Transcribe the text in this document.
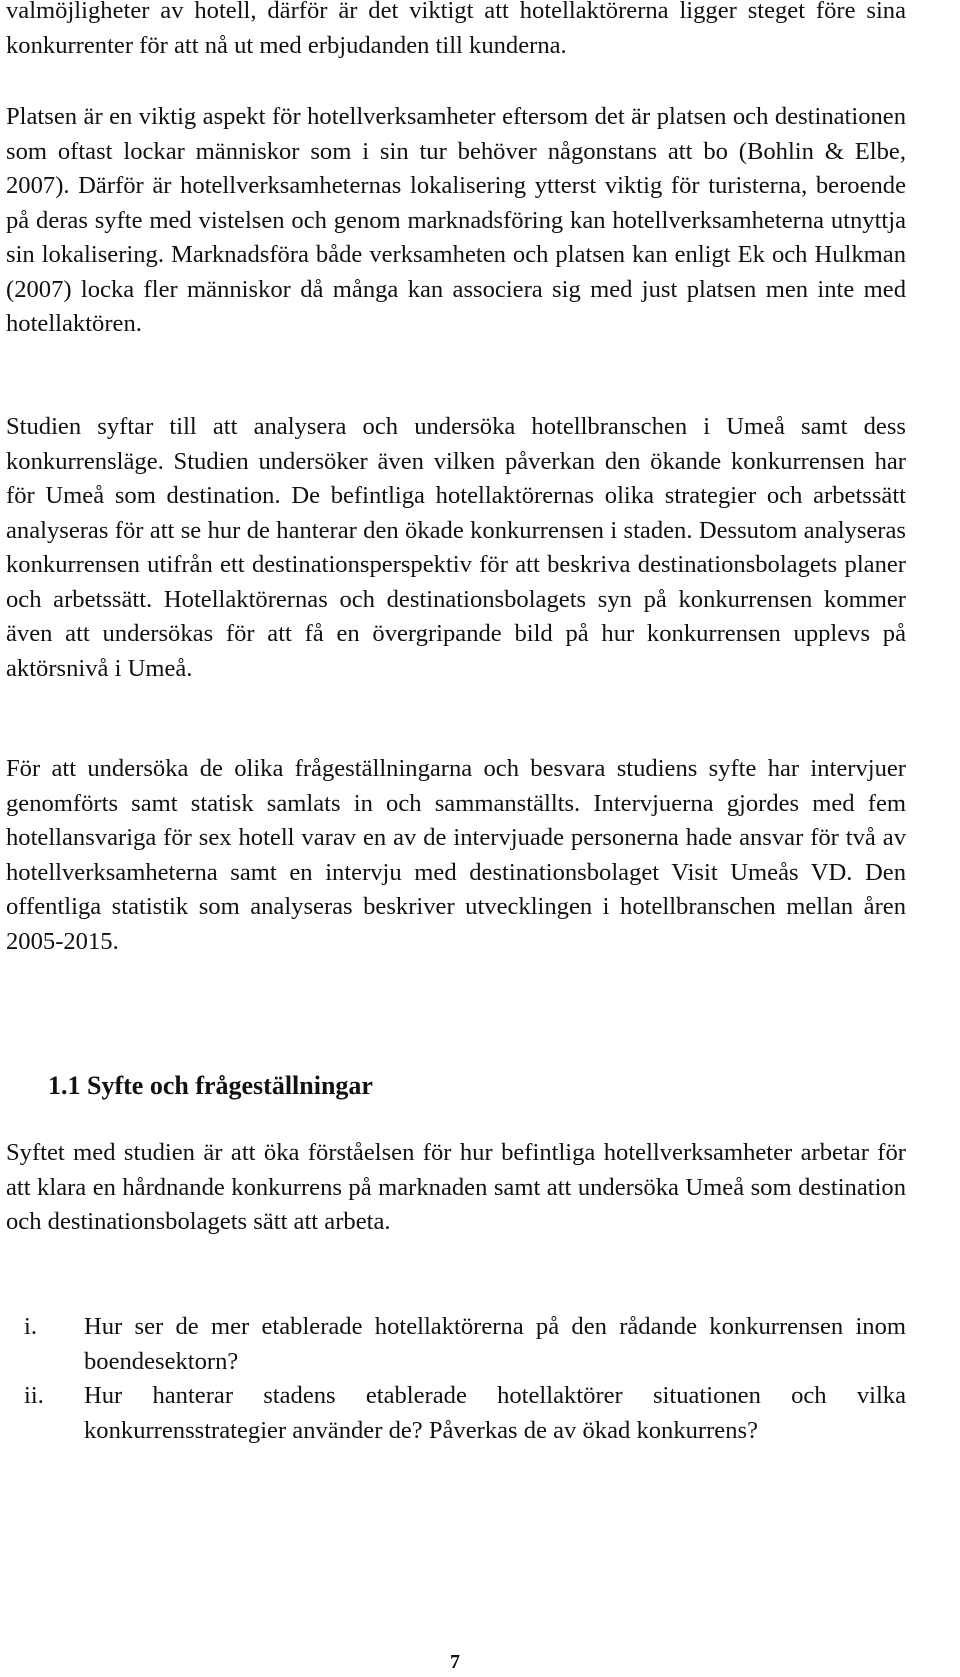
valmöjligheter av hotell, därför är det viktigt att hotellaktörerna ligger steget före sina konkurrenter för att nå ut med erbjudanden till kunderna.

Platsen är en viktig aspekt för hotellverksamheter eftersom det är platsen och destinationen som oftast lockar människor som i sin tur behöver någonstans att bo (Bohlin & Elbe, 2007). Därför är hotellverksamheternas lokalisering ytterst viktig för turisterna, beroende på deras syfte med vistelsen och genom marknadsföring kan hotellverksamheterna utnyttja sin lokalisering. Marknadsföra både verksamheten och platsen kan enligt Ek och Hulkman (2007) locka fler människor då många kan associera sig med just platsen men inte med hotellaktören.

Studien syftar till att analysera och undersöka hotellbranschen i Umeå samt dess konkurrensläge. Studien undersöker även vilken påverkan den ökande konkurrensen har för Umeå som destination. De befintliga hotellaktörernas olika strategier och arbetssätt analyseras för att se hur de hanterar den ökade konkurrensen i staden. Dessutom analyseras konkurrensen utifrån ett destinationsperspektiv för att beskriva destinationsbolagets planer och arbetssätt. Hotellaktörernas och destinationsbolagets syn på konkurrensen kommer även att undersökas för att få en övergripande bild på hur konkurrensen upplevs på aktörsnivå i Umeå.

För att undersöka de olika frågeställningarna och besvara studiens syfte har intervjuer genomförts samt statisk samlats in och sammanställts. Intervjuerna gjordes med fem hotellansvariga för sex hotell varav en av de intervjuade personerna hade ansvar för två av hotellverksamheterna samt en intervju med destinationsbolaget Visit Umeås VD. Den offentliga statistik som analyseras beskriver utvecklingen i hotellbranschen mellan åren 2005-2015.

1.1 Syfte och frågeställningar

Syftet med studien är att öka förståelsen för hur befintliga hotellverksamheter arbetar för att klara en hårdnande konkurrens på marknaden samt att undersöka Umeå som destination och destinationsbolagets sätt att arbeta.

i. Hur ser de mer etablerade hotellaktörerna på den rådande konkurrensen inom boendesektorn?
ii. Hur hanterar stadens etablerade hotellaktörer situationen och vilka konkurrensstrategier använder de? Påverkas de av ökad konkurrens?
7
